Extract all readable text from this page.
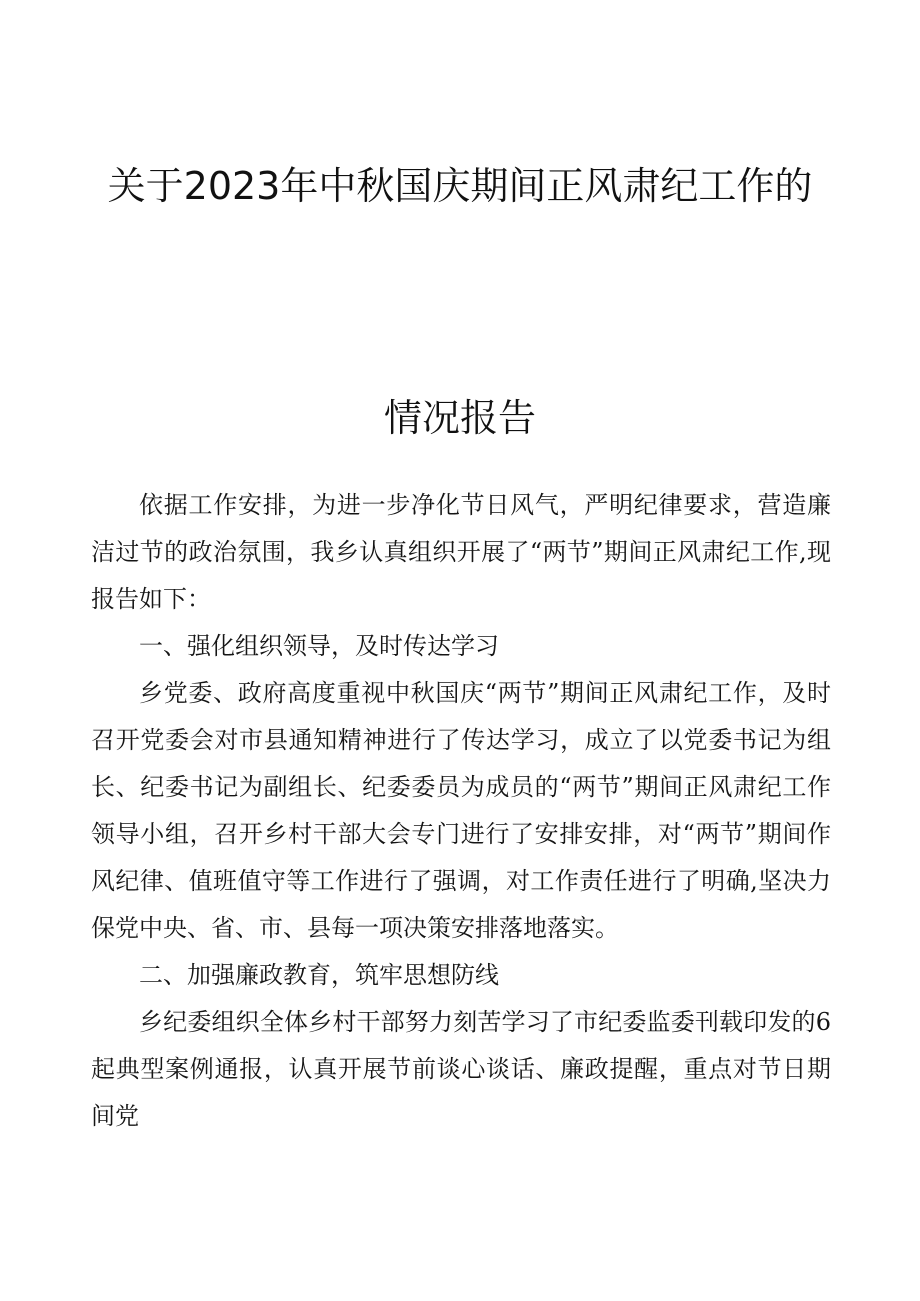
关于2023年中秋国庆期间正风肃纪工作的
情况报告

依据工作安排，为进一步净化节日风气，严明纪律要求，营造廉洁过节的政治氛围，我乡认真组织开展了“两节”期间正风肃纪工作,现报告如下：

一、强化组织领导，及时传达学习

乡党委、政府高度重视中秋国庆“两节”期间正风肃纪工作，及时召开党委会对市县通知精神进行了传达学习，成立了以党委书记为组长、纪委书记为副组长、纪委委员为成员的“两节”期间正风肃纪工作领导小组，召开乡村干部大会专门进行了安排安排，对“两节”期间作风纪律、值班值守等工作进行了强调，对工作责任进行了明确,坚决力保党中央、省、市、县每一项决策安排落地落实。

二、加强廉政教育，筑牢思想防线

乡纪委组织全体乡村干部努力刻苦学习了市纪委监委刊载印发的6起典型案例通报，认真开展节前谈心谈话、廉政提醒，重点对节日期间党
